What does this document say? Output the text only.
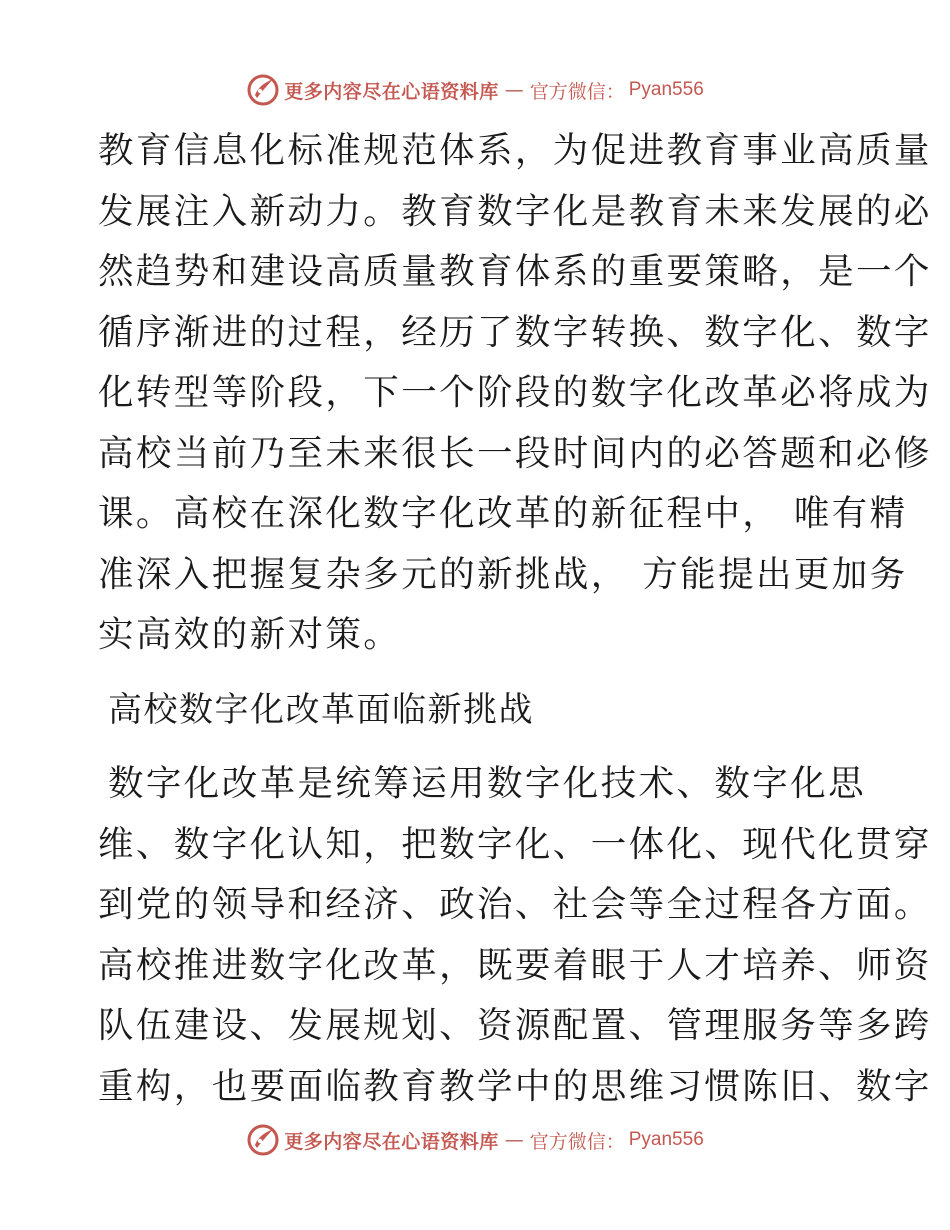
更多内容尽在心语资料库 — 官方微信： Pyan556
教育信息化标准规范体系，为促进教育事业高质量
发展注入新动力。教育数字化是教育未来发展的必
然趋势和建设高质量教育体系的重要策略，是一个
循序渐进的过程，经历了数字转换、数字化、数字
化转型等阶段，下一个阶段的数字化改革必将成为
高校当前乃至未来很长一段时间内的必答题和必修
课。高校在深化数字化改革的新征程中， 唯有精
准深入把握复杂多元的新挑战， 方能提出更加务
实高效的新对策。
高校数字化改革面临新挑战
数字化改革是统筹运用数字化技术、数字化思
维、数字化认知，把数字化、一体化、现代化贯穿
到党的领导和经济、政治、社会等全过程各方面。
高校推进数字化改革，既要着眼于人才培养、师资
队伍建设、发展规划、资源配置、管理服务等多跨
重构，也要面临教育教学中的思维习惯陈旧、数字
更多内容尽在心语资料库 — 官方微信： Pyan556
